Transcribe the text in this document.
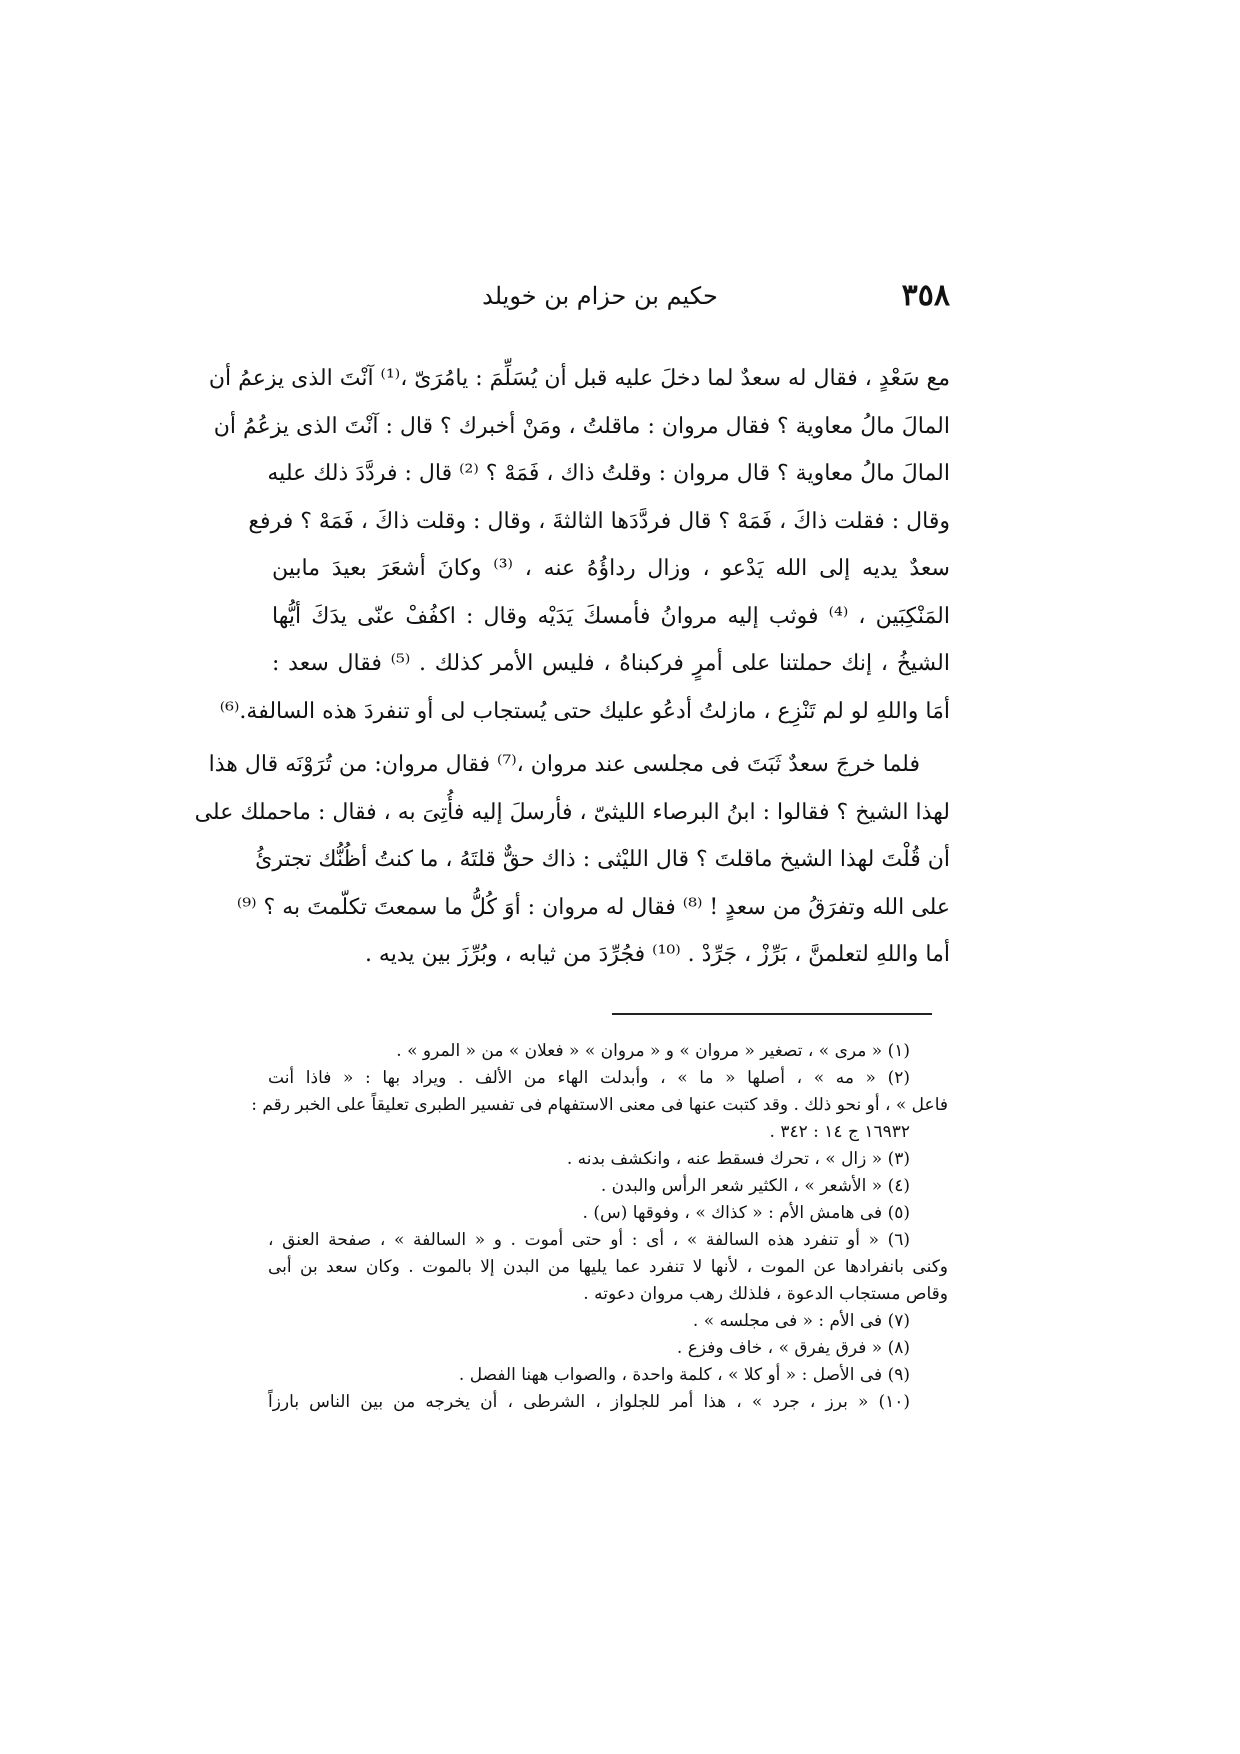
٣٥٨
حكيم بن حزام بن خويلد
مع سَعْدٍ ، فقال له سعدٌ لما دخلَ عليه قبل أن يُسَلِّمَ : يامُرَىّ ،⁽¹⁾ آنْتَ الذى يزعمُ أن
المالَ مالُ معاوية ؟ فقال مروان : ماقلتُ ، ومَنْ أخبرك ؟ قال : آنْتَ الذى يزعُمُ أن
المالَ مالُ معاوية ؟ قال مروان : وقلتُ ذاك ، فَمَهْ ؟ ⁽²⁾ قال : فردَّدَ ذلك عليه
وقال : فقلت ذاكَ ، فَمَهْ ؟ قال فردَّدَها الثالثةَ ، وقال : وقلت ذاكَ ، فَمَهْ ؟ فرفع
سعدٌ يديه إلى الله يَدْعو ، وزال رداؤُهُ عنه ، ⁽³⁾ وكانَ أشعَرَ بعيدَ مابين
المَنْكِبَين ، ⁽⁴⁾ فوثب إليه مروانُ فأمسكَ يَدَيْه وقال : اكفُفْ عنّى يدَكَ أيُّها
الشيخُ ، إنك حملتنا على أمرٍ فركبناهُ ، فليس الأمر كذلك . ⁽⁵⁾ فقال سعد :
أمَا واللهِ لو لم تَنْزِع ، مازلتُ أدعُو عليك حتى يُستجاب لى أو تنفردَ هذه السالفة.⁽⁶⁾
فلما خرجَ سعدٌ ثَبَتَ فى مجلسى عند مروان ،⁽⁷⁾ فقال مروان: من تُرَوْنَه قال هذا
لهذا الشيخ ؟ فقالوا : ابنُ البرصاء الليثىّ ، فأرسلَ إليه فأُتِىَ به ، فقال : ماحملك على
أن قُلْتَ لهذا الشيخ ماقلتَ ؟ قال الليْثى : ذاك حقٌّ قلتَهُ ، ما كنتُ أظُنُّك تجترئُ
على الله وتفرَقُ من سعدٍ ! ⁽⁸⁾ فقال له مروان : أوَ كُلُّ ما سمعتَ تكلّمتَ به ؟ ⁽⁹⁾
أما واللهِ لتعلمنَّ ، بَرِّزْ ، جَرِّدْ . ⁽¹⁰⁾ فجُرِّدَ من ثيابه ، وبُرِّزَ بين يديه .
(١) « مرى » ، تصغير « مروان » و « مروان » « فعلان » من « المرو » .
(٢) « مه » ، أصلها « ما » ، وأبدلت الهاء من الألف . ويراد بها : « فاذا أنت
فاعل » ، أو نحو ذلك . وقد كتبت عنها فى معنى الاستفهام فى تفسير الطبرى تعليقاً على الخبر رقم :
١٦٩٣٢ ج ١٤ : ٣٤٢ .
(٣) « زال » ، تحرك فسقط عنه ، وانكشف بدنه .
(٤) « الأشعر » ، الكثير شعر الرأس والبدن .
(٥) فى هامش الأم : « كذاك » ، وفوقها (س) .
(٦) « أو تنفرد هذه السالفة » ، أى : أو حتى أموت . و « السالفة » ، صفحة العنق ،
وكنى بانفرادها عن الموت ، لأنها لا تنفرد عما يليها من البدن إلا بالموت . وكان سعد بن أبى
وقاص مستجاب الدعوة ، فلذلك رهب مروان دعوته .
(٧) فى الأم : « فى مجلسه » .
(٨) « فرق يفرق » ، خاف وفزع .
(٩) فى الأصل : « أو كلا » ، كلمة واحدة ، والصواب ههنا الفصل .
(١٠) « برز ، جرد » ، هذا أمر للجلواز ، الشرطى ، أن يخرجه من بين الناس بارزاً
